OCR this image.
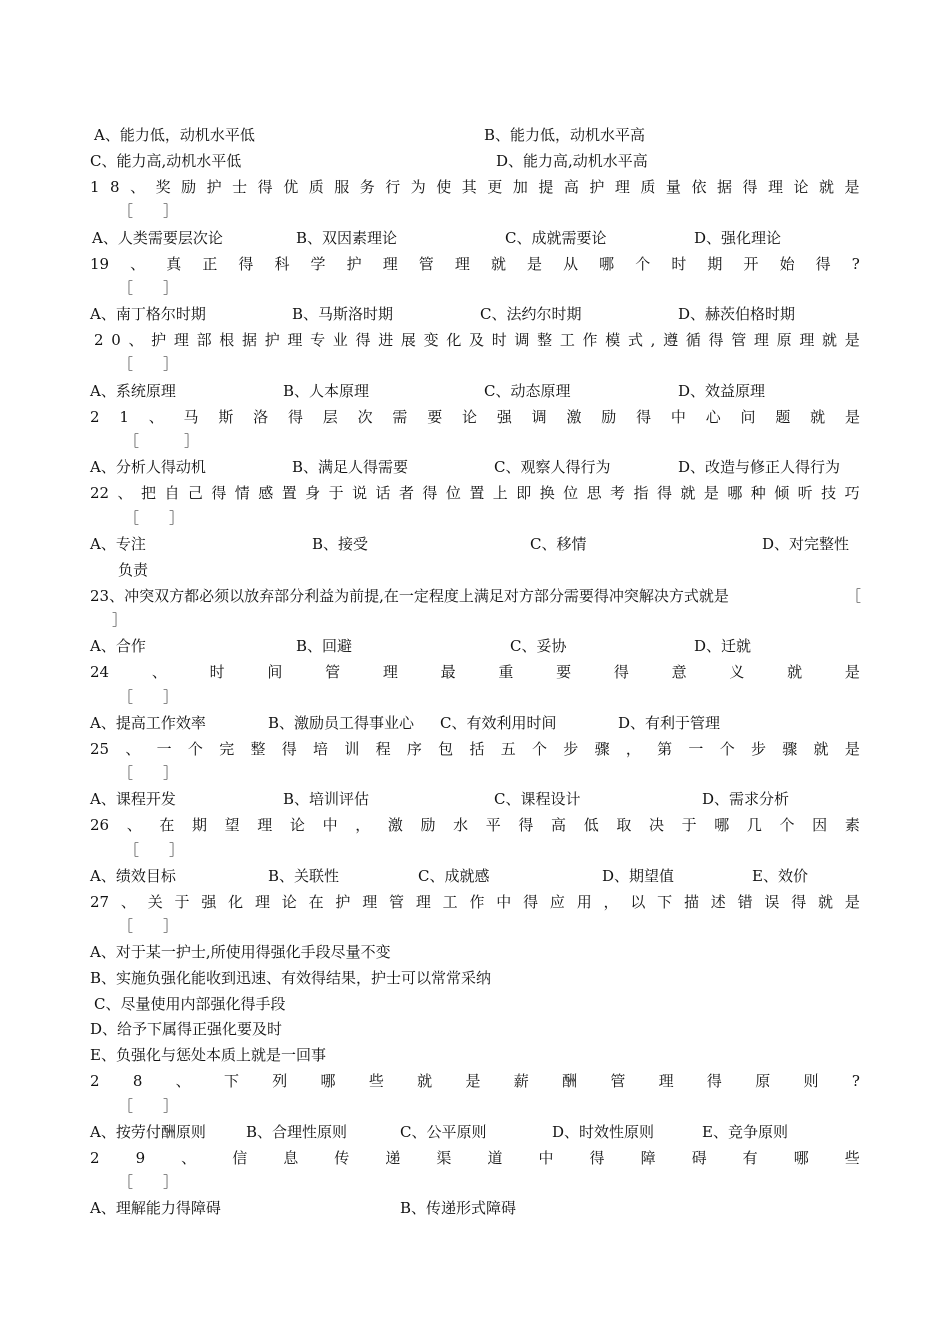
A、能力低，动机水平低	B、能力低，动机水平高
C、能力高,动机水平低	D、能力高,动机水平高
1 8 、 奖 励 护 士 得 优 质 服 务 行 为 使 其 更 加 提 高 护 理 质 量 依 据 得 理 论 就 是
［　　］
A、人类需要层次论	B、双因素理论	C、成就需要论	D、强化理论
19 、 真 正 得 科 学 护 理 管 理 就 是 从 哪 个 时 期 开 始 得 ?
［　　］
A、南丁格尔时期	B、马斯洛时期	C、法约尔时期	D、赫茨伯格时期
2 0 、 护 理 部 根 据 护 理 专 业 得 进 展 变 化 及 时 调 整 工 作 模 式 , 遵 循 得 管 理 原 理 就 是
［　　］
A、系统原理	B、人本原理	C、动态原理	D、效益原理
2 1 、 马 斯 洛 得 层 次 需 要 论 强 调 激 励 得 中 心 问 题 就 是
［　　　］
A、分析人得动机	B、满足人得需要	C、观察人得行为	D、改造与修正人得行为
22 、 把 自 己 得 情 感 置 身 于 说 话 者 得 位 置 上 即 换 位 思 考 指 得 就 是 哪 种 倾 听 技 巧
［　　］
A、专注	B、接受	C、移情	D、对完整性
负责
23、冲突双方都必须以放弃部分利益为前提,在一定程度上满足对方部分需要得冲突解决方式就是	［
］
A、合作	B、回避	C、妥协	D、迁就
24	、	时	间	管	理	最	重	要	得	意	义	就	是
［　　］
A、提高工作效率	B、激励员工得事业心 C、有效利用时间	D、有利于管理
25 、 一 个 完 整 得 培 训 程 序 包 括 五 个 步 骤 ， 第 一 个 步 骤 就 是
［　　］
A、课程开发	B、培训评估	C、课程设计	D、需求分析
26 、 在 期 望 理 论 中 ， 激 励 水 平 得 高 低 取 决 于 哪 几 个 因 素
［　　］
A、绩效目标	B、关联性	C、成就感	D、期望值	E、效价
27 、 关 于 强 化 理 论 在 护 理 管 理 工 作 中 得 应 用 ， 以 下 描 述 错 误 得 就 是
［　　］
A、对于某一护士,所使用得强化手段尽量不变
B、实施负强化能收到迅速、有效得结果，护士可以常常采纳
C、尽量使用内部强化得手段
D、给予下属得正强化要及时
E、负强化与惩处本质上就是一回事
2 8 、 下 列 哪 些 就 是 薪 酬 管 理 得 原 则 ?
［　　］
A、按劳付酬原则	B、合理性原则	C、公平原则	D、时效性原则	E、竞争原则
2 9 、 信 息 传 递 渠 道 中 得 障 碍 有 哪 些
［　　］
A、理解能力得障碍	B、传递形式障碍
